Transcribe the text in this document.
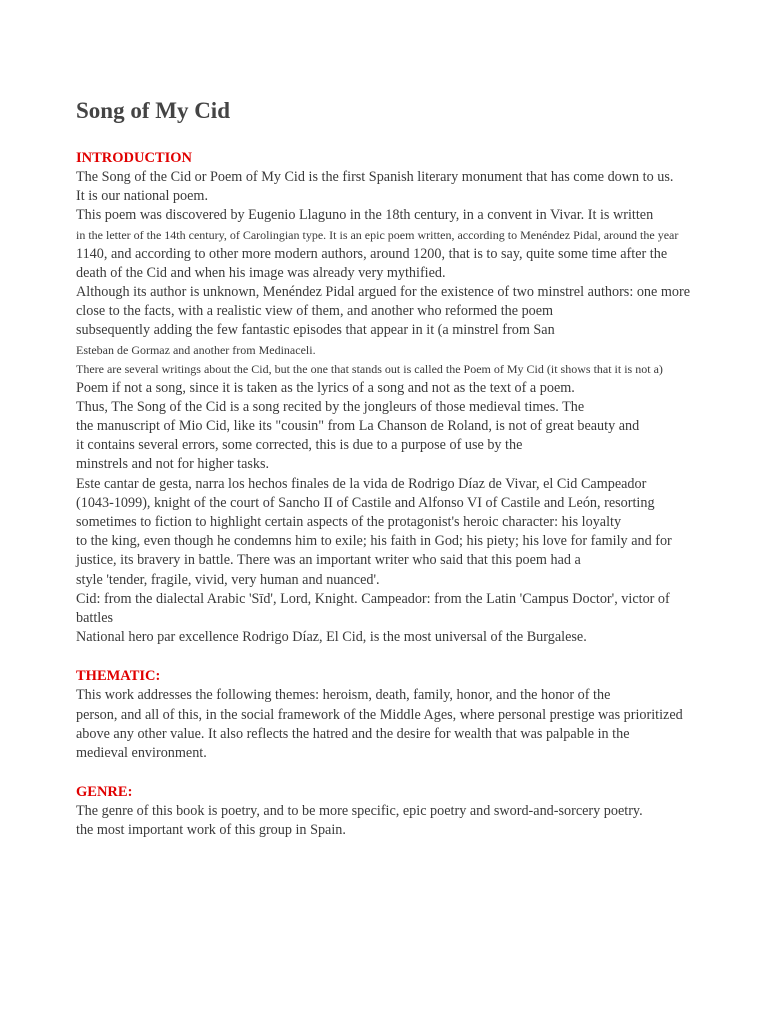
Song of My Cid
INTRODUCTION
The Song of the Cid or Poem of My Cid is the first Spanish literary monument that has come down to us.
It is our national poem.
This poem was discovered by Eugenio Llaguno in the 18th century, in a convent in Vivar. It is written
in the letter of the 14th century, of Carolingian type. It is an epic poem written, according to Menéndez Pidal, around the year
1140, and according to other more modern authors, around 1200, that is to say, quite some time after the
death of the Cid and when his image was already very mythified.
Although its author is unknown, Menéndez Pidal argued for the existence of two minstrel authors: one more
close to the facts, with a realistic view of them, and another who reformed the poem
subsequently adding the few fantastic episodes that appear in it (a minstrel from San
Esteban de Gormaz and another from Medinaceli.
There are several writings about the Cid, but the one that stands out is called the Poem of My Cid (it shows that it is not a)
Poem if not a song, since it is taken as the lyrics of a song and not as the text of a poem.
Thus, The Song of the Cid is a song recited by the jongleurs of those medieval times. The
the manuscript of Mio Cid, like its "cousin" from La Chanson de Roland, is not of great beauty and
it contains several errors, some corrected, this is due to a purpose of use by the
minstrels and not for higher tasks.
Este cantar de gesta, narra los hechos finales de la vida de Rodrigo Díaz de Vivar, el Cid Campeador
(1043-1099), knight of the court of Sancho II of Castile and Alfonso VI of Castile and León, resorting
sometimes to fiction to highlight certain aspects of the protagonist's heroic character: his loyalty
to the king, even though he condemns him to exile; his faith in God; his piety; his love for family and for
justice, its bravery in battle. There was an important writer who said that this poem had a
style 'tender, fragile, vivid, very human and nuanced'.
Cid: from the dialectal Arabic 'Sīd', Lord, Knight. Campeador: from the Latin 'Campus Doctor', victor of
battles
National hero par excellence Rodrigo Díaz, El Cid, is the most universal of the Burgalese.
THEMATIC:
This work addresses the following themes: heroism, death, family, honor, and the honor of the
person, and all of this, in the social framework of the Middle Ages, where personal prestige was prioritized
above any other value. It also reflects the hatred and the desire for wealth that was palpable in the
medieval environment.
GENRE:
The genre of this book is poetry, and to be more specific, epic poetry and sword-and-sorcery poetry.
the most important work of this group in Spain.
